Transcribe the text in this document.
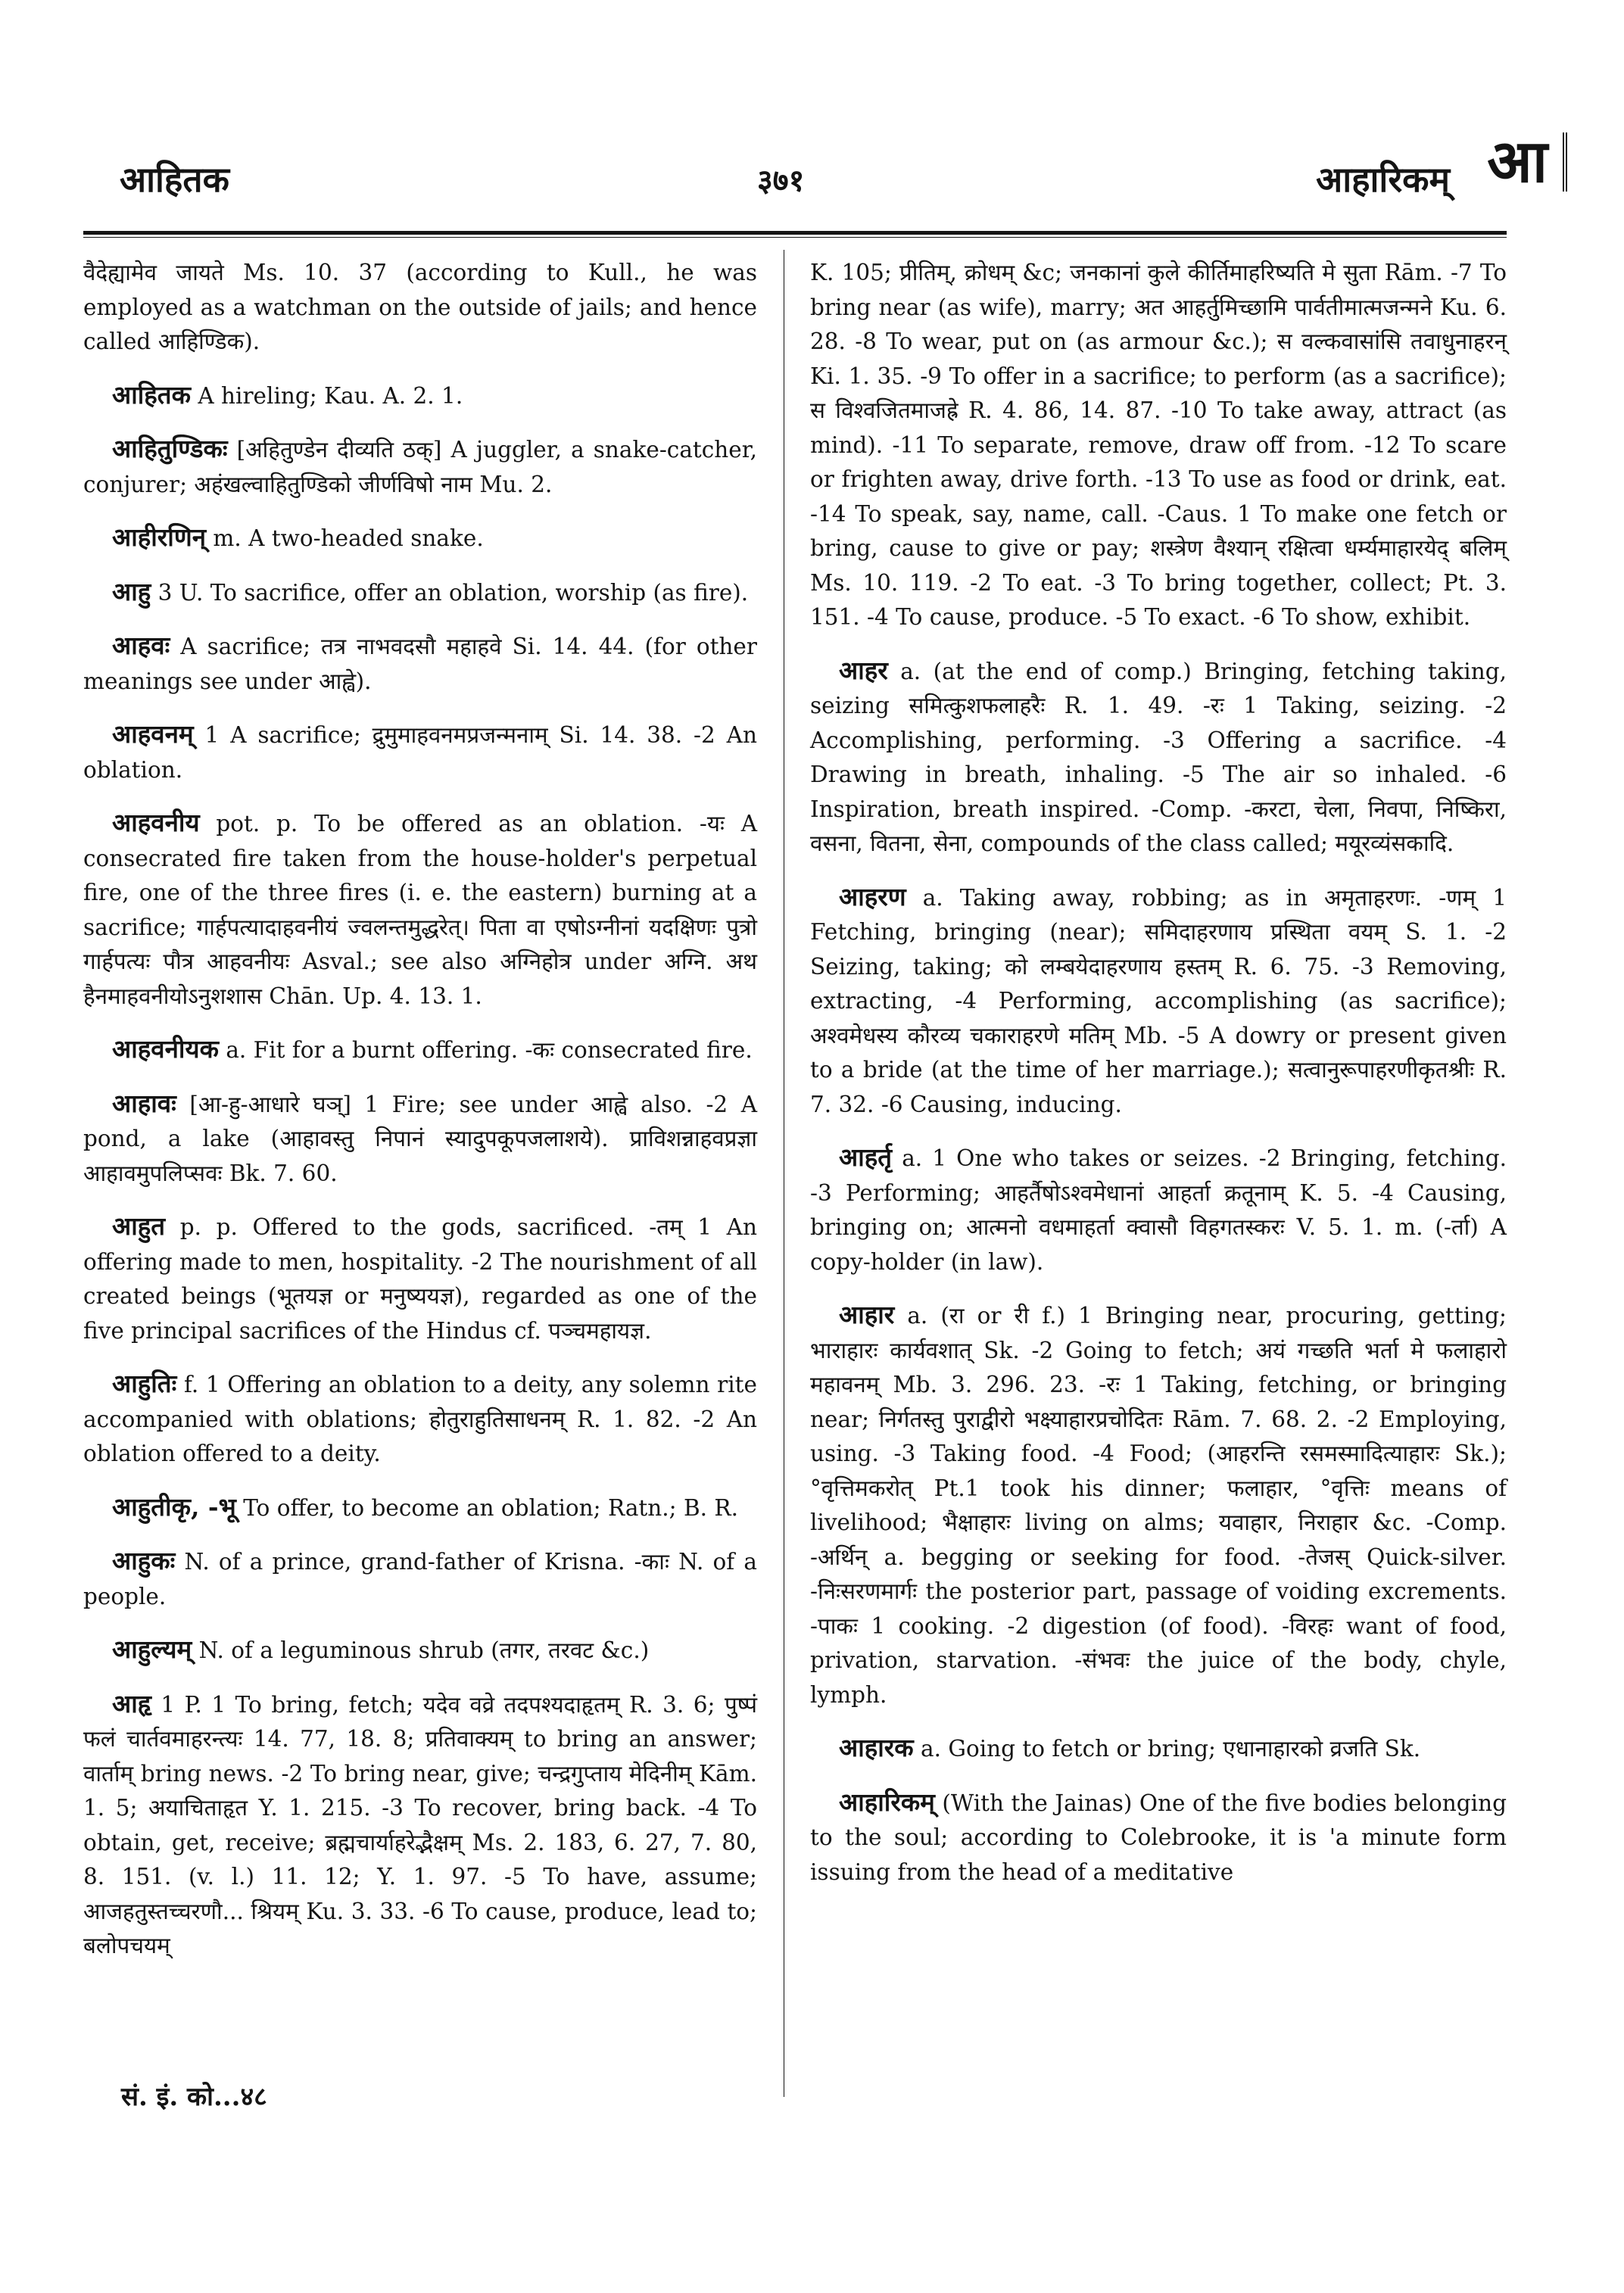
आहितक	३७१	आहारिकम् आ

वैदेह्यामेव जायते Ms. 10. 37 (according to Kull., he was employed as a watchman on the outside of jails; and hence called आहिण्डिक).

आहितक A hireling; Kau. A. 2. 1.

आहितुण्डिकः [अहितुण्डेन दीव्यति ठक्] A juggler, a snake-catcher, conjurer; अहंखल्वाहितुण्डिको जीर्णविषो नाम Mu. 2.

आहीरणिन् m. A two-headed snake.

आहु 3 U. To sacrifice, offer an oblation, worship (as fire).

आहवः A sacrifice; तत्र नाभवदसौ महाहवे Si. 14. 44. (for other meanings see under आह्वे).

आहवनम् 1 A sacrifice; द्रुमुमाहवनमप्रजन्मनाम् Si. 14. 38. -2 An oblation.

आहवनीय pot. p. To be offered as an oblation. -यः A consecrated fire taken from the house-holder's perpetual fire, one of the three fires (i. e. the eastern) burning at a sacrifice; गार्हपत्यादाहवनीयं ज्वलन्तमुद्धरेत्। पिता वा एषोऽग्नीनां यदक्षिणः पुत्रो गार्हपत्यः पौत्र आहवनीयः Asval.; see also अग्निहोत्र under अग्नि. अथ हैनमाहवनीयोऽनुशशास Chān. Up. 4. 13. 1.

आहवनीयक a. Fit for a burnt offering. -कः consecrated fire.

आहावः [आ-हु-आधारे घञ्] 1 Fire; see under आह्वे also. -2 A pond, a lake (आहावस्तु निपानं स्यादुपकूपजलाशये). प्राविशन्नाहवप्रज्ञा आहावमुपलिप्सवः Bk. 7. 60.

आहुत p. p. Offered to the gods, sacrificed. -तम् 1 An offering made to men, hospitality. -2 The nourishment of all created beings (भूतयज्ञ or मनुष्ययज्ञ), regarded as one of the five principal sacrifices of the Hindus cf. पञ्चमहायज्ञ.

आहुतिः f. 1 Offering an oblation to a deity, any solemn rite accompanied with oblations; होतुराहुतिसाधनम् R. 1. 82. -2 An oblation offered to a deity.

आहुतीकृ, -भू To offer, to become an oblation; Ratn.; B. R.

आहुकः N. of a prince, grand-father of Krisna. -काः N. of a people.

आहुल्यम् N. of a leguminous shrub (तगर, तरवट &c.)

आहृ 1 P. 1 To bring, fetch; यदेव वव्रे तदपश्यदाहृतम् R. 3. 6; पुष्पं फलं चार्तवमाहरन्त्यः 14. 77, 18. 8; प्रतिवाक्यम् to bring an answer; वार्ताम् bring news. -2 To bring near, give; चन्द्रगुप्ताय मेदिनीम् Kām. 1. 5; अयाचिताहृत Y. 1. 215. -3 To recover, bring back. -4 To obtain, get, receive; ब्रह्मचार्याहरेद्भैक्षम् Ms. 2. 183, 6. 27, 7. 80, 8. 151. (v. l.) 11. 12; Y. 1. 97. -5 To have, assume; आजहतुस्तच्चरणौ... श्रियम् Ku. 3. 33. -6 To cause, produce, lead to; बलोपचयम्

K. 105; प्रीतिम्, क्रोधम् &c; जनकानां कुले कीर्तिमाहरिष्यति मे सुता Rām. -7 To bring near (as wife), marry; अत आहर्तुमिच्छामि पार्वतीमात्मजन्मने Ku. 6. 28. -8 To wear, put on (as armour &c.); स वल्कवासांसि तवाधुनाहरन् Ki. 1. 35. -9 To offer in a sacrifice; to perform (as a sacrifice); स विश्वजितमाजह्रे R. 4. 86, 14. 87. -10 To take away, attract (as mind). -11 To separate, remove, draw off from. -12 To scare or frighten away, drive forth. -13 To use as food or drink, eat. -14 To speak, say, name, call. -Caus. 1 To make one fetch or bring, cause to give or pay; शस्त्रेण वैश्यान् रक्षित्वा धर्म्यमाहारयेद् बलिम् Ms. 10. 119. -2 To eat. -3 To bring together, collect; Pt. 3. 151. -4 To cause, produce. -5 To exact. -6 To show, exhibit.

आहर a. (at the end of comp.) Bringing, fetching taking, seizing समित्कुशफलाहरैः R. 1. 49. -रः 1 Taking, seizing. -2 Accomplishing, performing. -3 Offering a sacrifice. -4 Drawing in breath, inhaling. -5 The air so inhaled. -6 Inspiration, breath inspired. -Comp. -करटा, चेला, निवपा, निष्किरा, वसना, वितना, सेना, compounds of the class called; मयूरव्यंसकादि.

आहरण a. Taking away, robbing; as in अमृताहरणः. -णम् 1 Fetching, bringing (near); समिदाहरणाय प्रस्थिता वयम् S. 1. -2 Seizing, taking; को लम्बयेदाहरणाय हस्तम् R. 6. 75. -3 Removing, extracting, -4 Performing, accomplishing (as sacrifice); अश्वमेधस्य कौरव्य चकाराहरणे मतिम् Mb. -5 A dowry or present given to a bride (at the time of her marriage.); सत्वानुरूपाहरणीकृतश्रीः R. 7. 32. -6 Causing, inducing.

आहर्तृ a. 1 One who takes or seizes. -2 Bringing, fetching. -3 Performing; आहर्तैषोऽश्वमेधानां आहर्ता क्रतूनाम् K. 5. -4 Causing, bringing on; आत्मनो वधमाहर्ता क्वासौ विहगतस्करः V. 5. 1. m. (-र्ता) A copy-holder (in law).

आहार a. (रा or री f.) 1 Bringing near, procuring, getting; भाराहारः कार्यवशात् Sk. -2 Going to fetch; अयं गच्छति भर्ता मे फलाहारो महावनम् Mb. 3. 296. 23. -रः 1 Taking, fetching, or bringing near; निर्गतस्तु पुराद्वीरो भक्ष्याहारप्रचोदितः Rām. 7. 68. 2. -2 Employing, using. -3 Taking food. -4 Food; (आहरन्ति रसमस्मादित्याहारः Sk.); °वृत्तिमकरोत् Pt.1 took his dinner; फलाहार, °वृत्तिः means of livelihood; भैक्षाहारः living on alms; यवाहार, निराहार &c. -Comp. -अर्थिन् a. begging or seeking for food. -तेजस् Quick-silver. -निःसरणमार्गः the posterior part, passage of voiding excrements. -पाकः 1 cooking. -2 digestion (of food). -विरहः want of food, privation, starvation. -संभवः the juice of the body, chyle, lymph.

आहारक a. Going to fetch or bring; एधानाहारको व्रजति Sk.

आहारिकम् (With the Jainas) One of the five bodies belonging to the soul; according to Colebrooke, it is 'a minute form issuing from the head of a meditative

सं. इं. को...४८
